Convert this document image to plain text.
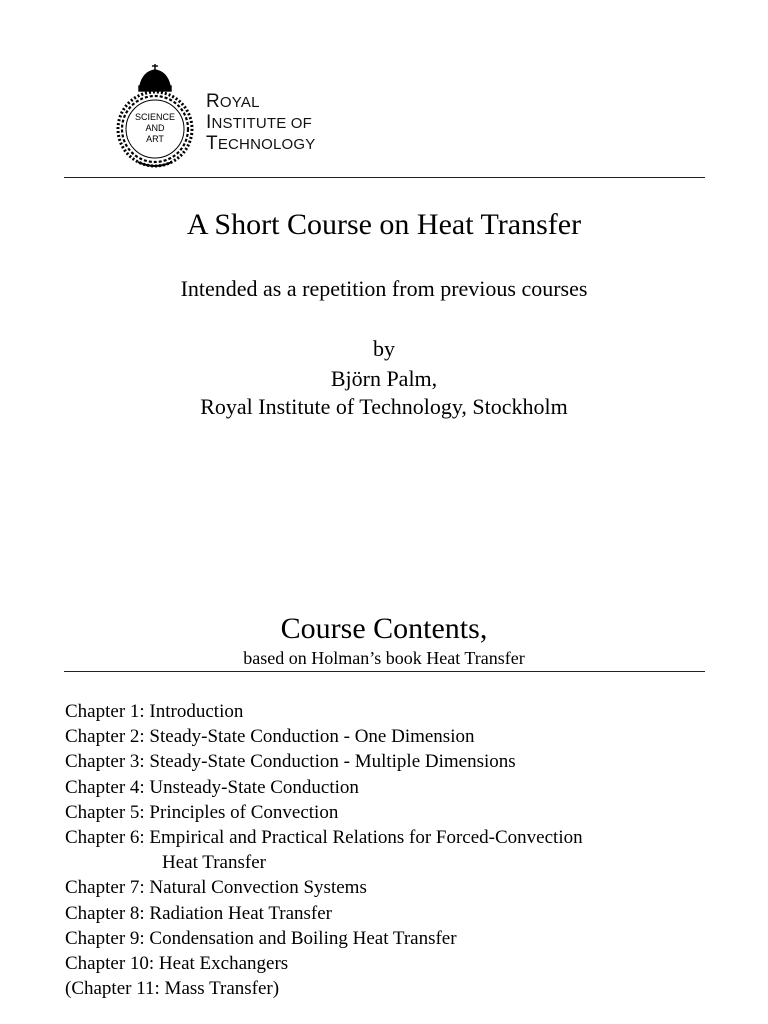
SCIENCE
AND
ART
ROYAL
INSTITUTE OF
TECHNOLOGY
A Short Course on Heat Transfer
Intended as a repetition from previous courses
by
Björn Palm,
Royal Institute of Technology, Stockholm
Course Contents,
based on Holman’s book Heat Transfer
Chapter 1: Introduction
Chapter 2: Steady-State Conduction - One Dimension
Chapter 3: Steady-State Conduction - Multiple Dimensions
Chapter 4: Unsteady-State Conduction
Chapter 5: Principles of Convection
Chapter 6: Empirical and Practical Relations for Forced-Convection
Heat Transfer
Chapter 7: Natural Convection Systems
Chapter 8: Radiation Heat Transfer
Chapter 9: Condensation and Boiling Heat Transfer
Chapter 10: Heat Exchangers
(Chapter 11: Mass Transfer)
